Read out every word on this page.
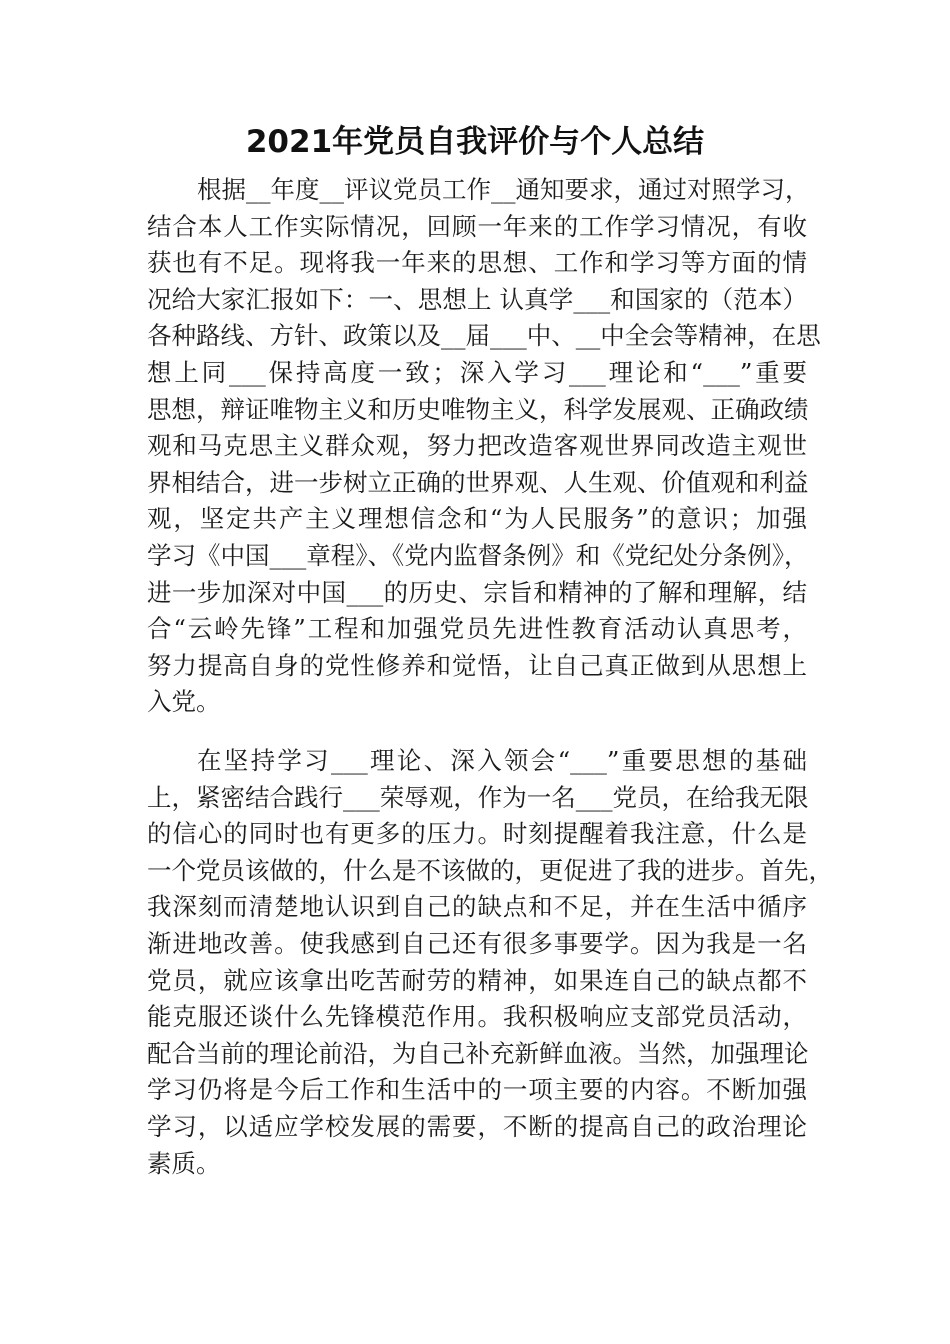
2021年党员自我评价与个人总结
根据__年度__评议党员工作__通知要求，通过对照学习，
结合本人工作实际情况，回顾一年来的工作学习情况，有收
获也有不足。现将我一年来的思想、工作和学习等方面的情
况给大家汇报如下：一、思想上 认真学___和国家的（范本）
各种路线、方针、政策以及__届___中、__中全会等精神，在思
想上同___保持高度一致；深入学习___理论和“___”重要
思想，辩证唯物主义和历史唯物主义，科学发展观、正确政绩
观和马克思主义群众观，努力把改造客观世界同改造主观世
界相结合，进一步树立正确的世界观、人生观、价值观和利益
观，坚定共产主义理想信念和“为人民服务”的意识；加强
学习《中国___章程》、《党内监督条例》和《党纪处分条例》，
进一步加深对中国___的历史、宗旨和精神的了解和理解，结
合“云岭先锋”工程和加强党员先进性教育活动认真思考，
努力提高自身的党性修养和觉悟，让自己真正做到从思想上
入党。
在坚持学习___理论、深入领会“___”重要思想的基础
上，紧密结合践行___荣辱观，作为一名___党员，在给我无限
的信心的同时也有更多的压力。时刻提醒着我注意，什么是
一个党员该做的，什么是不该做的，更促进了我的进步。首先，
我深刻而清楚地认识到自己的缺点和不足，并在生活中循序
渐进地改善。使我感到自己还有很多事要学。因为我是一名
党员，就应该拿出吃苦耐劳的精神，如果连自己的缺点都不
能克服还谈什么先锋模范作用。我积极响应支部党员活动，
配合当前的理论前沿，为自己补充新鲜血液。当然，加强理论
学习仍将是今后工作和生活中的一项主要的内容。不断加强
学习，以适应学校发展的需要，不断的提高自己的政治理论
素质。
